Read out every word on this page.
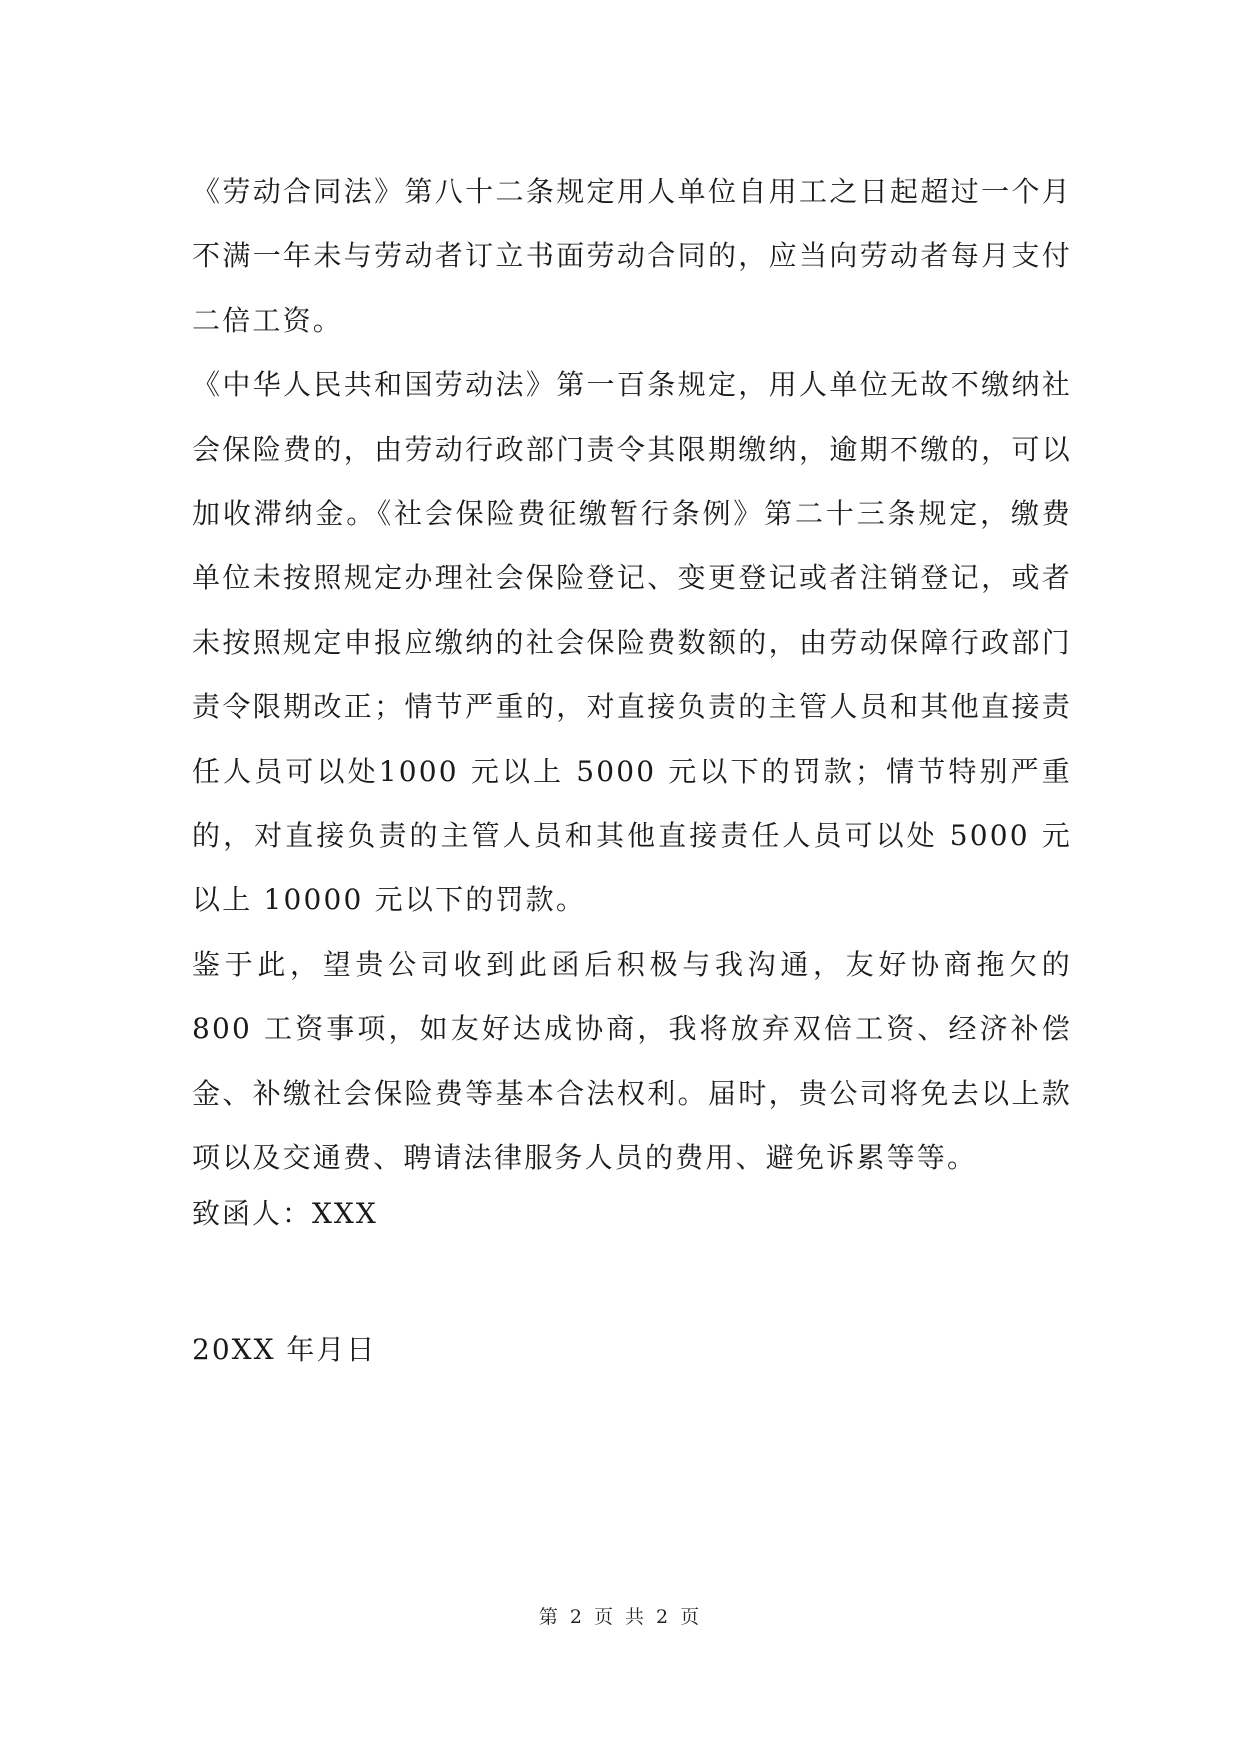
《劳动合同法》第八十二条规定用人单位自用工之日起超过一个月不满一年未与劳动者订立书面劳动合同的，应当向劳动者每月支付二倍工资。

《中华人民共和国劳动法》第一百条规定，用人单位无故不缴纳社会保险费的，由劳动行政部门责令其限期缴纳，逾期不缴的，可以加收滞纳金。《社会保险费征缴暂行条例》第二十三条规定，缴费单位未按照规定办理社会保险登记、变更登记或者注销登记，或者未按照规定申报应缴纳的社会保险费数额的，由劳动保障行政部门责令限期改正；情节严重的，对直接负责的主管人员和其他直接责任人员可以处1000 元以上 5000 元以下的罚款；情节特别严重的，对直接负责的主管人员和其他直接责任人员可以处 5000 元以上 10000 元以下的罚款。

鉴于此，望贵公司收到此函后积极与我沟通，友好协商拖欠的 800 工资事项，如友好达成协商，我将放弃双倍工资、经济补偿金、补缴社会保险费等基本合法权利。届时，贵公司将免去以上款项以及交通费、聘请法律服务人员的费用、避免诉累等等。

致函人：XXX

20XX 年月日

第 2 页 共 2 页
